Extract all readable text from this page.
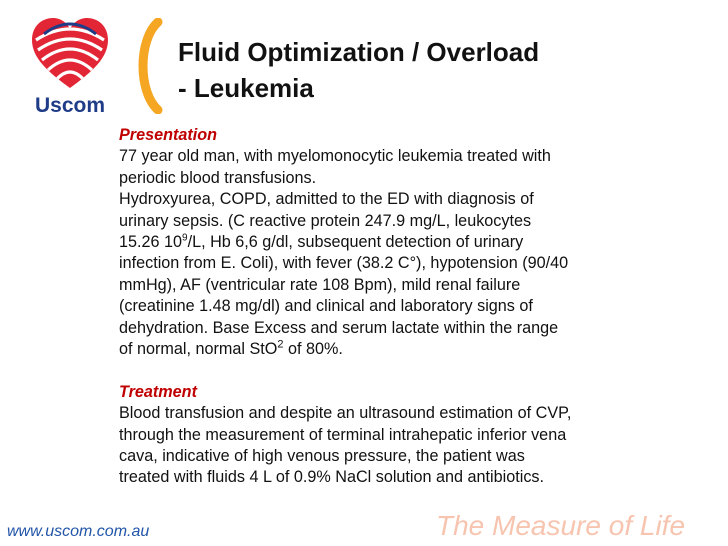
Uscom
Fluid Optimization / Overload
- Leukemia
Presentation
77 year old man, with myelomonocytic leukemia treated with
periodic blood transfusions.
Hydroxyurea, COPD, admitted to the ED with diagnosis of
urinary sepsis. (C reactive protein 247.9 mg/L, leukocytes
15.26 $10^9/L$, Hb 6,6 g/dl, subsequent detection of urinary
infection from E. Coli), with fever (38.2 C°), hypotension (90/40
mmHg), AF (ventricular rate 108 Bpm), mild renal failure
(creatinine 1.48 mg/dl) and clinical and laboratory signs of
dehydration. Base Excess and serum lactate within the range
of normal, normal StO$^2$ of 80%.
Treatment
Blood transfusion and despite an ultrasound estimation of CVP,
through the measurement of terminal intrahepatic inferior vena
cava, indicative of high venous pressure, the patient was
treated with fluids 4 L of 0.9% NaCl solution and antibiotics.
www.uscom.com.au	The Measure of Life
